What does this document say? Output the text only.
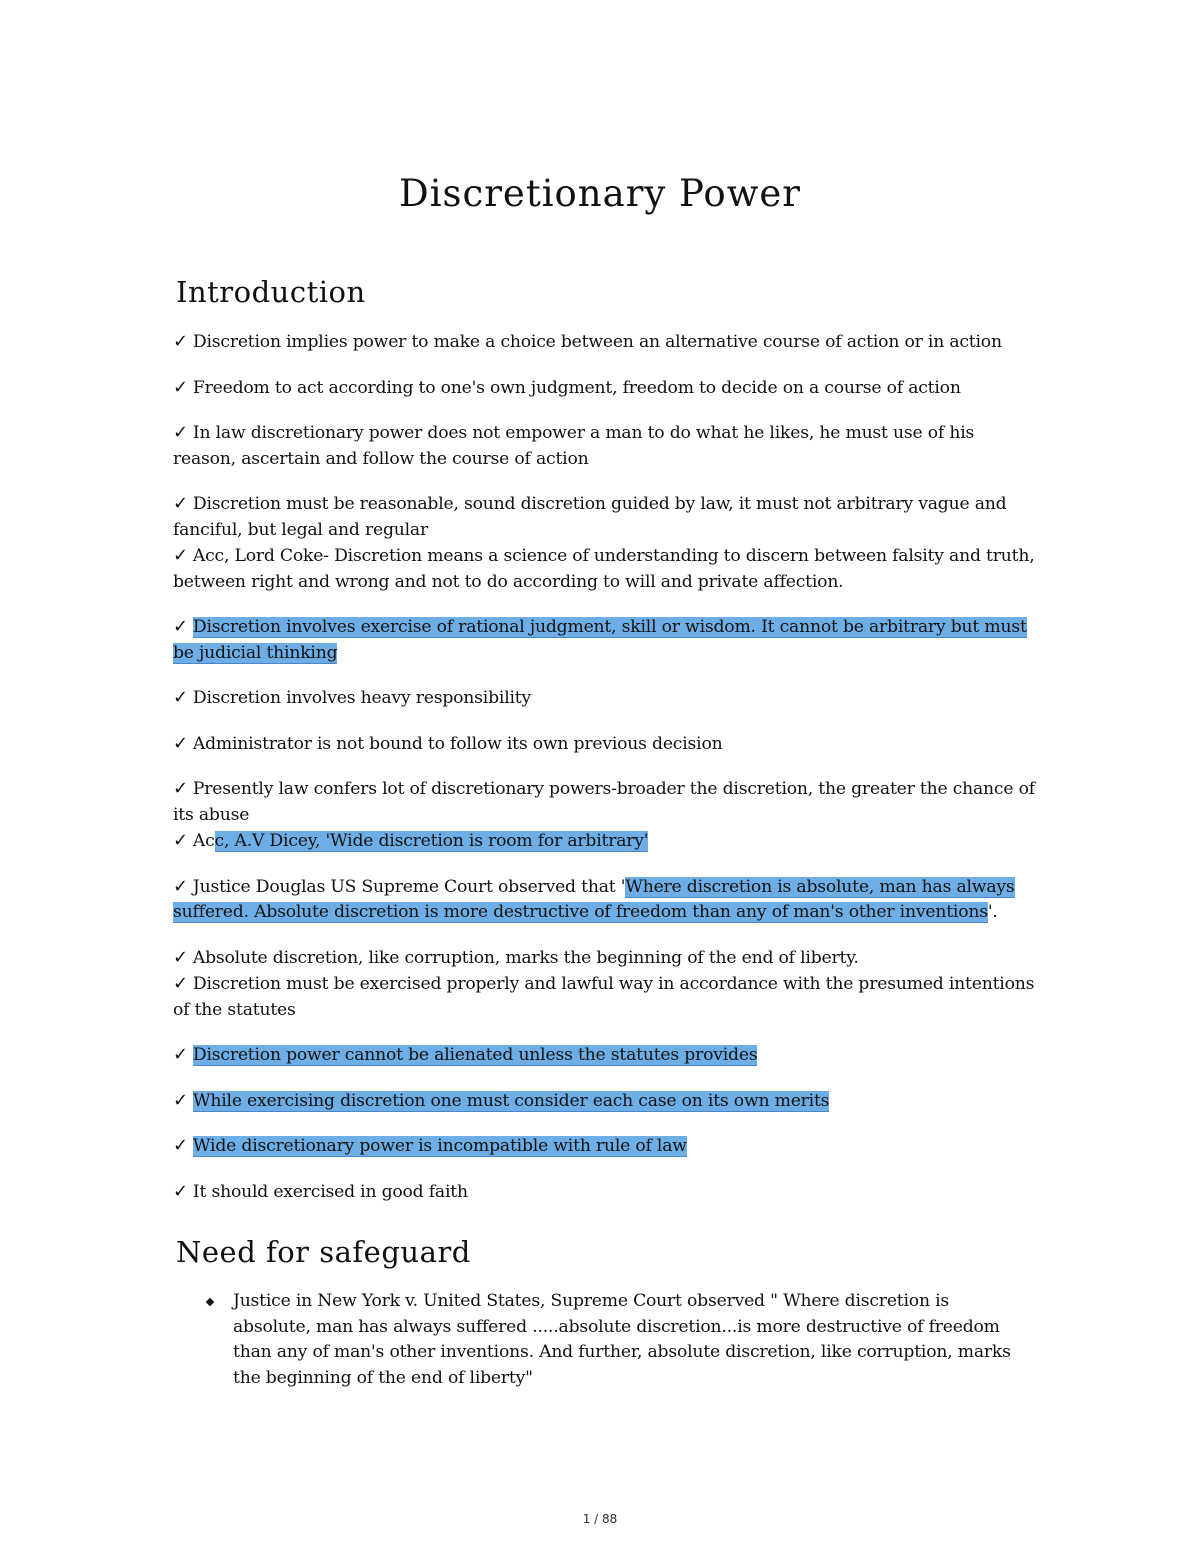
Discretionary Power
Introduction
✓ Discretion implies power to make a choice between an alternative course of action or in action
✓ Freedom to act according to one's own judgment, freedom to decide on a course of action
✓ In law discretionary power does not empower a man to do what he likes, he must use of his reason, ascertain and follow the course of action
✓ Discretion must be reasonable, sound discretion guided by law, it must not arbitrary vague and fanciful, but legal and regular
✓ Acc, Lord Coke- Discretion means a science of understanding to discern between falsity and truth, between right and wrong and not to do according to will and private affection.
✓ Discretion involves exercise of rational judgment, skill or wisdom. It cannot be arbitrary but must be judicial thinking
✓ Discretion involves heavy responsibility
✓ Administrator is not bound to follow its own previous decision
✓ Presently law confers lot of discretionary powers-broader the discretion, the greater the chance of its abuse
✓ Acc, A.V Dicey, 'Wide discretion is room for arbitrary'
✓ Justice Douglas US Supreme Court observed that 'Where discretion is absolute, man has always suffered. Absolute discretion is more destructive of freedom than any of man's other inventions'.
✓ Absolute discretion, like corruption, marks the beginning of the end of liberty.
✓ Discretion must be exercised properly and lawful way in accordance with the presumed intentions of the statutes
✓ Discretion power cannot be alienated unless the statutes provides
✓ While exercising discretion one must consider each case on its own merits
✓ Wide discretionary power is incompatible with rule of law
✓ It should exercised in good faith
Need for safeguard
Justice in New York v. United States, Supreme Court observed " Where discretion is absolute, man has always suffered .....absolute discretion...is more destructive of freedom than any of man's other inventions. And further, absolute discretion, like corruption, marks the beginning of the end of liberty"
1 / 88
